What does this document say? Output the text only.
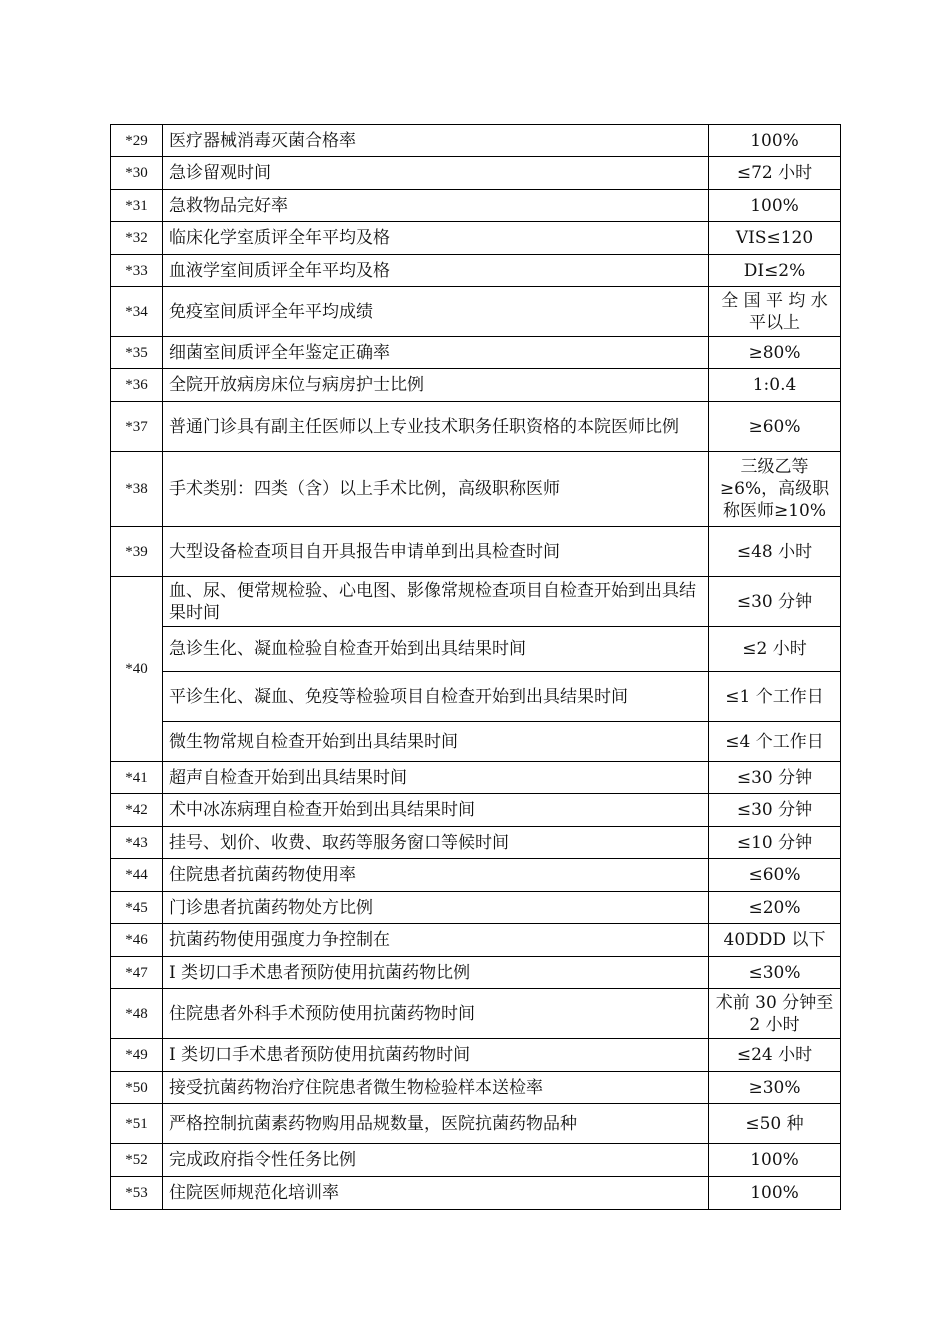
*29	医疗器械消毒灭菌合格率	100%
*30	急诊留观时间	≤72 小时
*31	急救物品完好率	100%
*32	临床化学室质评全年平均及格	VIS≤120
*33	血液学室间质评全年平均及格	DI≤2%
*34	免疫室间质评全年平均成绩	全 国 平 均 水 平以上
*35	细菌室间质评全年鉴定正确率	≥80%
*36	全院开放病房床位与病房护士比例	1:0.4
*37	普通门诊具有副主任医师以上专业技术职务任职资格的本院医师比例	≥60%
*38	手术类别：四类（含）以上手术比例，高级职称医师	三级乙等≥6%，高级职称医师≥10%
*39	大型设备检查项目自开具报告申请单到出具检查时间	≤48 小时
*40	血、尿、便常规检验、心电图、影像常规检查项目自检查开始到出具结果时间	≤30 分钟
	急诊生化、凝血检验自检查开始到出具结果时间	≤2 小时
	平诊生化、凝血、免疫等检验项目自检查开始到出具结果时间	≤1 个工作日
	微生物常规自检查开始到出具结果时间	≤4 个工作日
*41	超声自检查开始到出具结果时间	≤30 分钟
*42	术中冰冻病理自检查开始到出具结果时间	≤30 分钟
*43	挂号、划价、收费、取药等服务窗口等候时间	≤10 分钟
*44	住院患者抗菌药物使用率	≤60%
*45	门诊患者抗菌药物处方比例	≤20%
*46	抗菌药物使用强度力争控制在	40DDD 以下
*47	I 类切口手术患者预防使用抗菌药物比例	≤30%
*48	住院患者外科手术预防使用抗菌药物时间	术前 30 分钟至 2 小时
*49	I 类切口手术患者预防使用抗菌药物时间	≤24 小时
*50	接受抗菌药物治疗住院患者微生物检验样本送检率	≥30%
*51	严格控制抗菌素药物购用品规数量，医院抗菌药物品种	≤50 种
*52	完成政府指令性任务比例	100%
*53	住院医师规范化培训率	100%
